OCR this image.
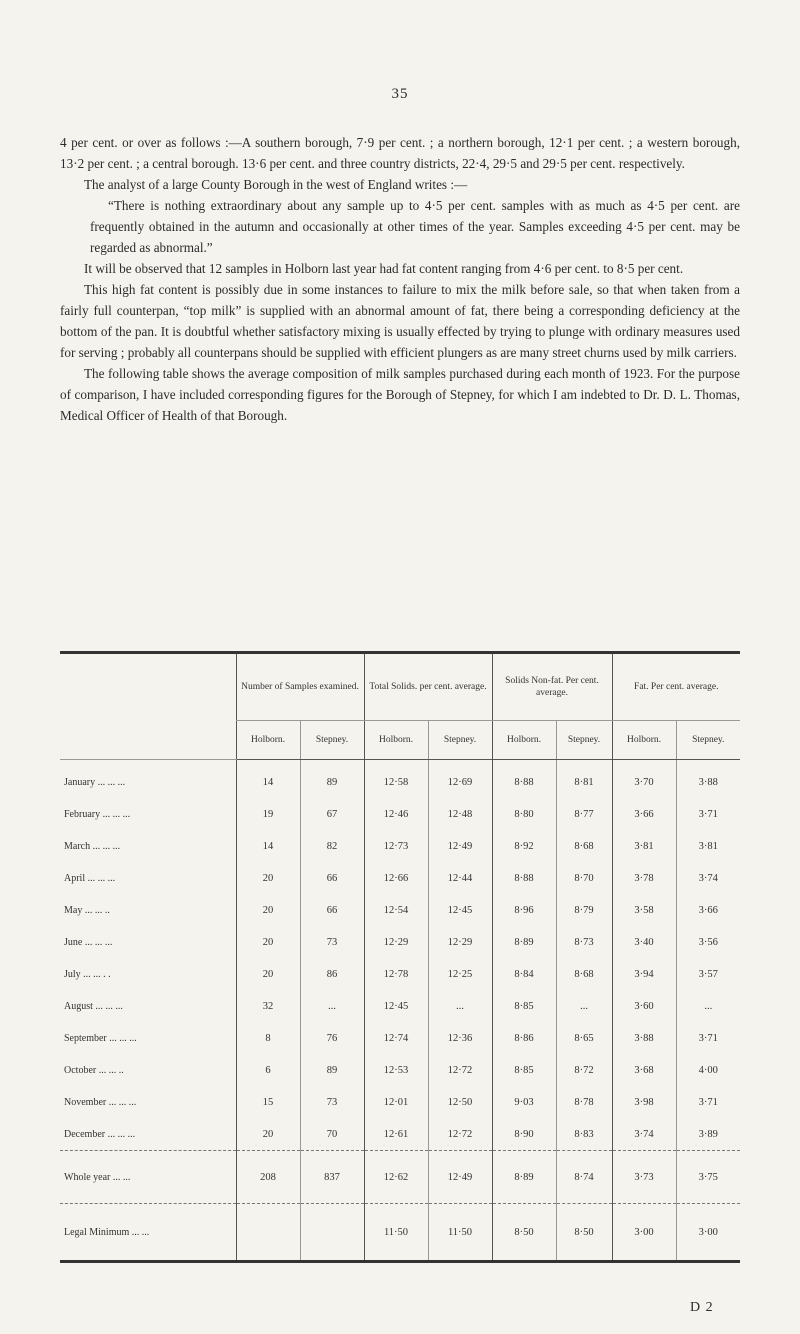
35

4 per cent. or over as follows :—A southern borough, 7·9 per cent. ; a northern borough, 12·1 per cent. ; a western borough, 13·2 per cent. ; a central borough. 13·6 per cent. and three country districts, 22·4, 29·5 and 29·5 per cent. respectively.

The analyst of a large County Borough in the west of England writes :—

“There is nothing extraordinary about any sample up to 4·5 per cent. samples with as much as 4·5 per cent. are frequently obtained in the autumn and occasionally at other times of the year. Samples exceeding 4·5 per cent. may be regarded as abnormal.”

It will be observed that 12 samples in Holborn last year had fat content ranging from 4·6 per cent. to 8·5 per cent.

This high fat content is possibly due in some instances to failure to mix the milk before sale, so that when taken from a fairly full counterpan, “top milk” is supplied with an abnormal amount of fat, there being a corresponding deficiency at the bottom of the pan. It is doubtful whether satisfactory mixing is usually effected by trying to plunge with ordinary measures used for serving ; probably all counterpans should be supplied with efficient plungers as are many street churns used by milk carriers.

The following table shows the average composition of milk samples purchased during each month of 1923. For the purpose of comparison, I have included corresponding figures for the Borough of Stepney, for which I am indebted to Dr. D. L. Thomas, Medical Officer of Health of that Borough.

	Number of Samples examined.		Total Solids. per cent. average.		Solids Non-fat. Per cent. average.		Fat. Per cent. average.	
	Holborn.	Stepney.	Holborn.	Stepney.	Holborn.	Stepney.	Holborn.	Stepney.
January ... ... ...	14	89	12·58	12·69	8·88	8·81	3·70	3·88
February ... ... ...	19	67	12·46	12·48	8·80	8·77	3·66	3·71
March ... ... ...	14	82	12·73	12·49	8·92	8·68	3·81	3·81
April ... ... ...	20	66	12·66	12·44	8·88	8·70	3·78	3·74
May ... ... ..	20	66	12·54	12·45	8·96	8·79	3·58	3·66
June ... ... ...	20	73	12·29	12·29	8·89	8·73	3·40	3·56
July ... ... . .	20	86	12·78	12·25	8·84	8·68	3·94	3·57
August ... ... ...	32	...	12·45	...	8·85	...	3·60	...
September ... ... ...	8	76	12·74	12·36	8·86	8·65	3·88	3·71
October ... ... ..	6	89	12·53	12·72	8·85	8·72	3·68	4·00
November ... ... ...	15	73	12·01	12·50	9·03	8·78	3·98	3·71
December ... ... ...	20	70	12·61	12·72	8·90	8·83	3·74	3·89
Whole year ... ...	208	837	12·62	12·49	8·89	8·74	3·73	3·75
Legal Minimum ... ...			11·50	11·50	8·50	8·50	3·00	3·00
D 2
